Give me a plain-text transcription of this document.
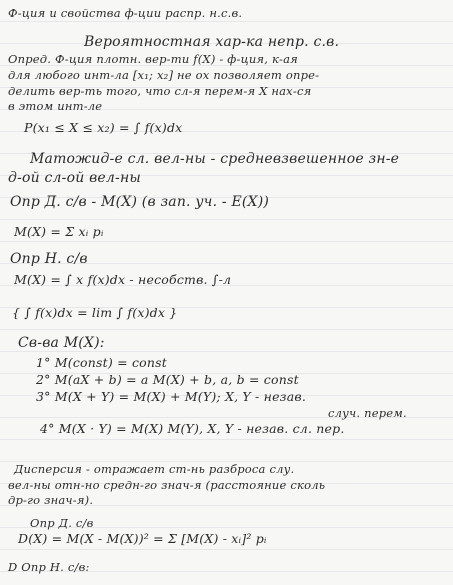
Ф-ция и свойства ф-ции распр. н.с.в.
Вероятностная хар-ка непр. с.в.
Опред. Ф-ция плотн. вер-ти f(X) - ф-ция, к-ая
для любого инт-ла [x₁; x₂] не ох позволяет опре-
делить вер-ть того, что сл-я перем-я X нах-ся
в этом инт-ле
P(x₁ ≤ X ≤ x₂) = ∫ f(x)dx
Матожид-е сл. вел-ны - средневзвешенное зн-е
д-ой сл-ой вел-ны
Опр Д. с/в - M(X) (в зап. уч. - E(X))
M(X) = Σ xᵢ pᵢ
Опр Н. с/в
M(X) = ∫ x f(x)dx - несобств. ∫-л
{ ∫ f(x)dx = lim ∫ f(x)dx }
Св-ва M(X):
1° M(const) = const
2° M(aX + b) = a M(X) + b, a, b = const
3° M(X + Y) = M(X) + M(Y); X, Y - незав.
случ. перем.
4° M(X · Y) = M(X) M(Y), X, Y - незав. сл. пер.
Дисперсия - отражает ст-нь разброса слу.
вел-ны отн-но средн-го знач-я (расстояние сколь
др-го знач-я).
Опр Д. с/в
D(X) = M(X - M(X))² = Σ [M(X) - xᵢ]² pᵢ
D Опр Н. с/в:
